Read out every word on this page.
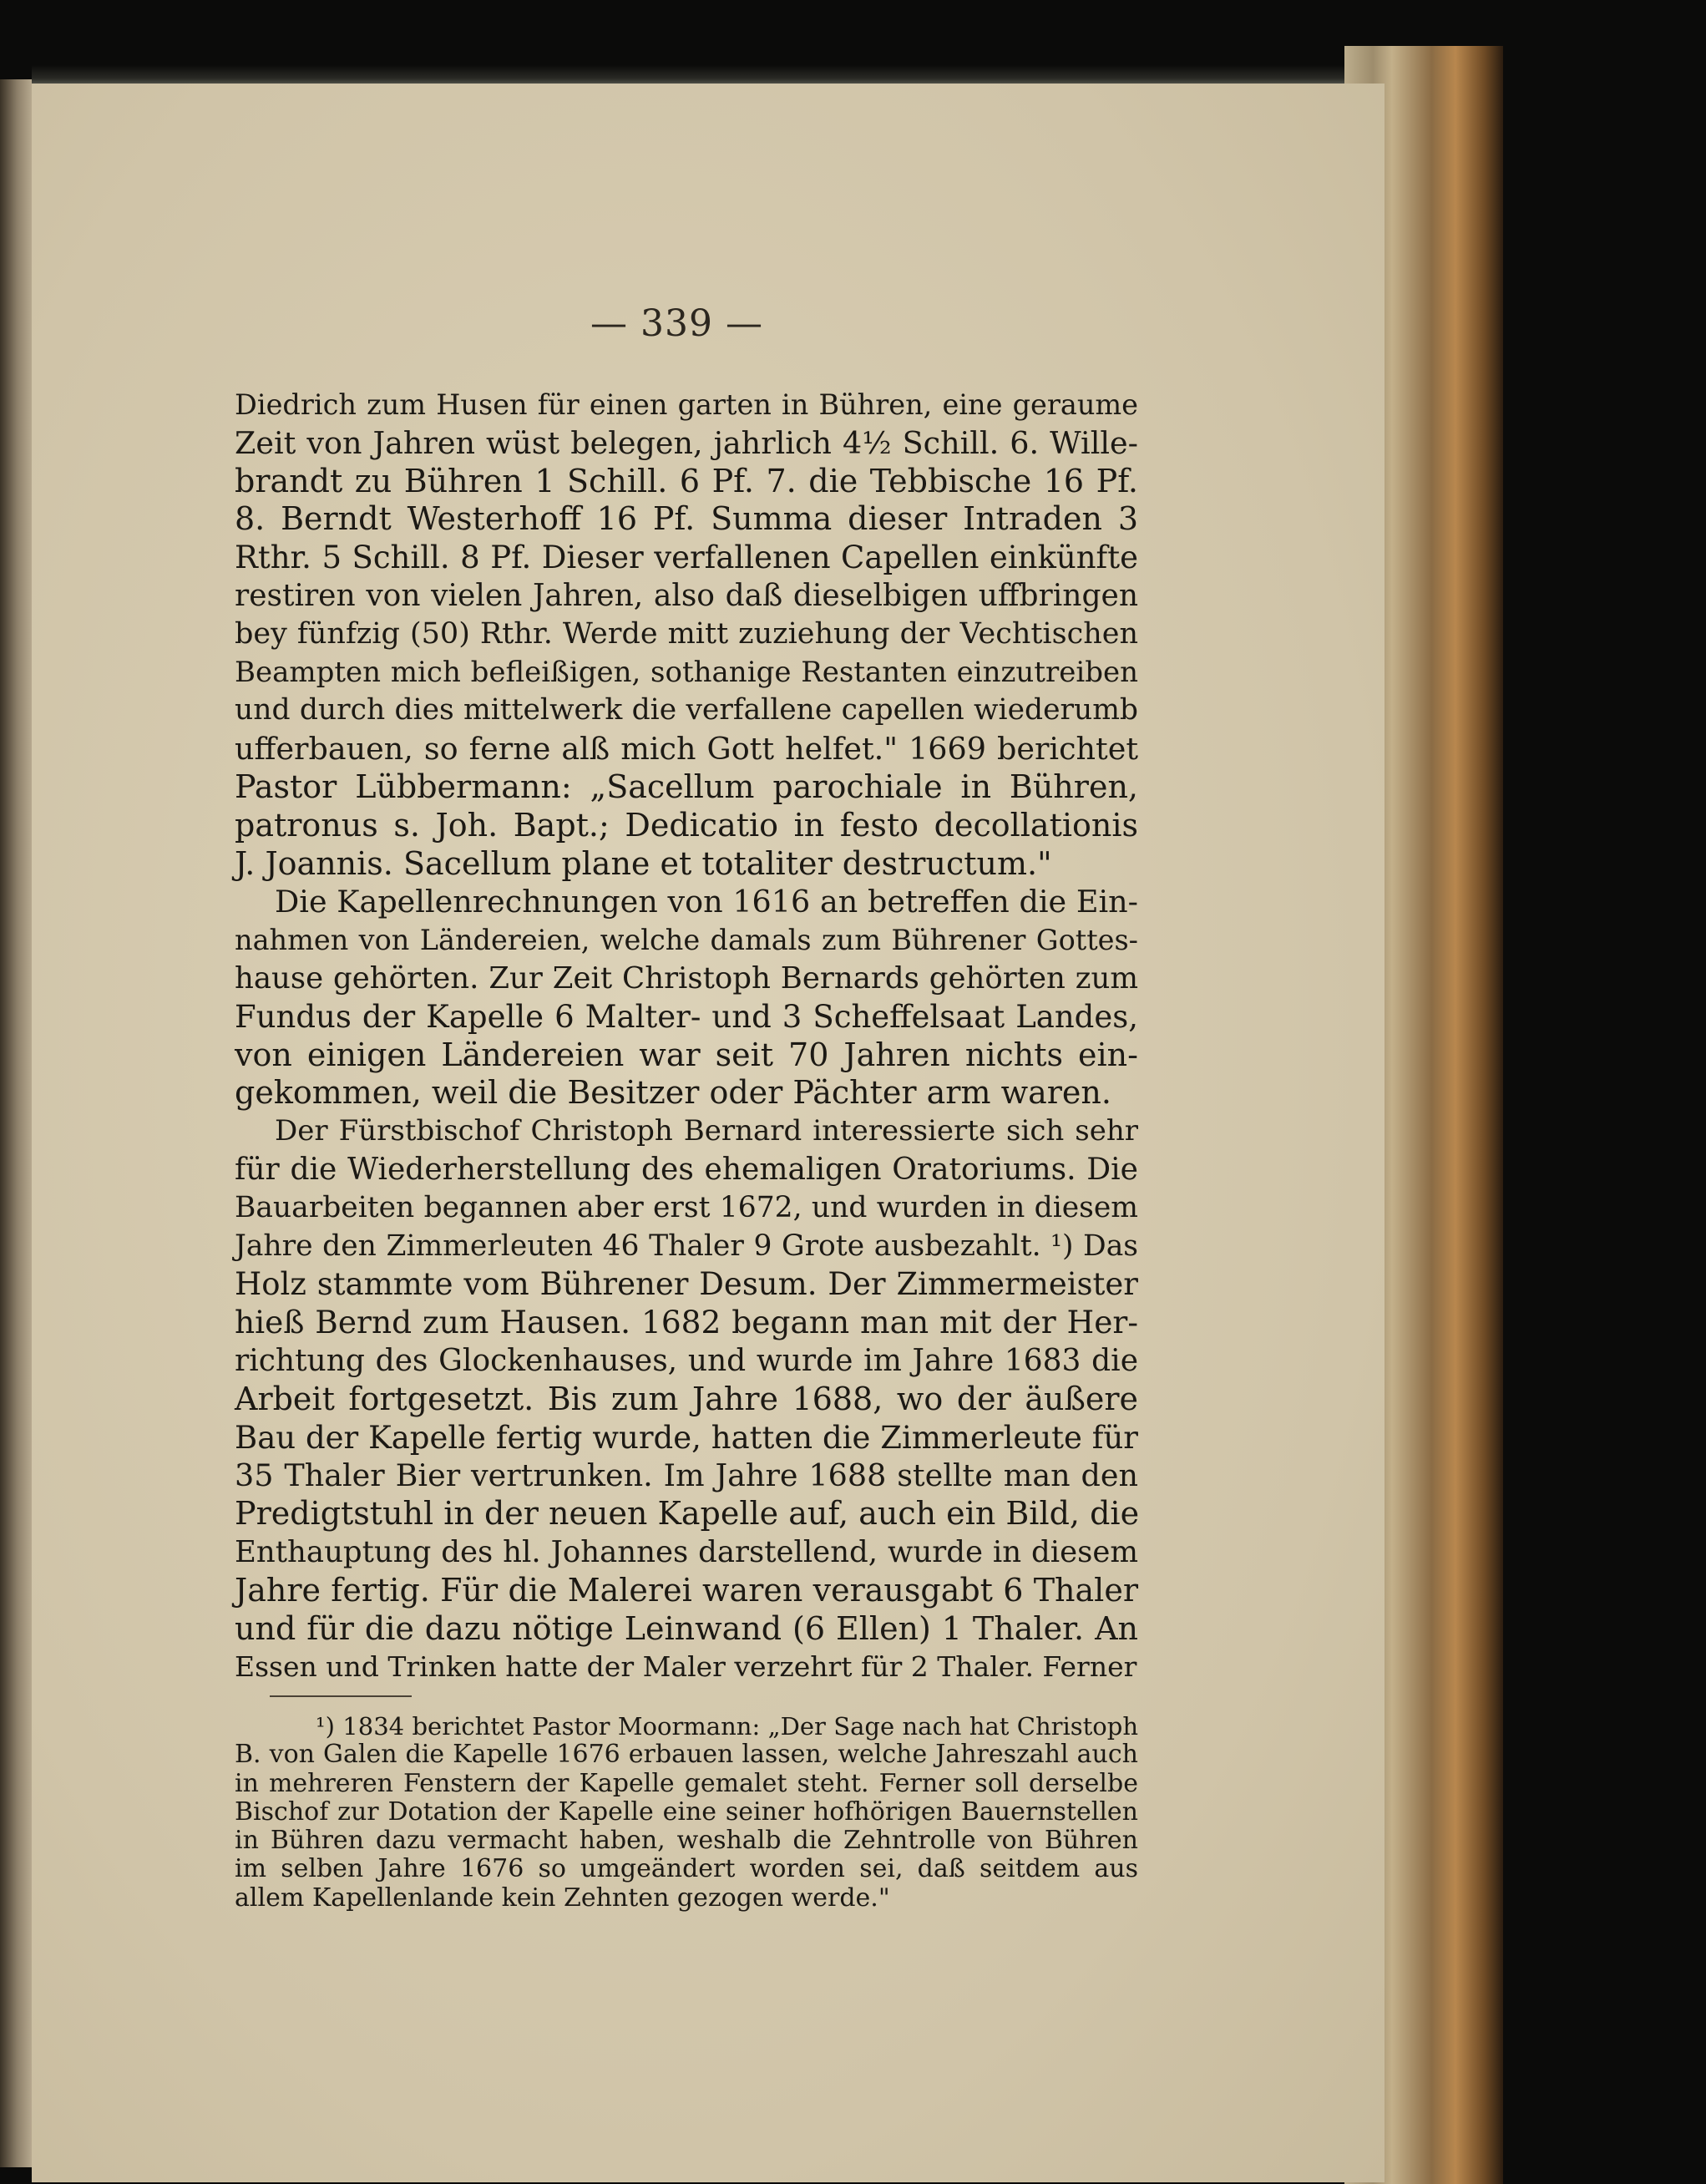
— 339 —
Diedrich zum Husen für einen garten in Bühren, eine geraume
Zeit von Jahren wüst belegen, jahrlich 4½ Schill. 6. Wille-
brandt zu Bühren 1 Schill. 6 Pf. 7. die Tebbische 16 Pf.
8. Berndt Westerhoff 16 Pf. Summa dieser Intraden 3
Rthr. 5 Schill. 8 Pf. Dieser verfallenen Capellen einkünfte
restiren von vielen Jahren, also daß dieselbigen uffbringen
bey fünfzig (50) Rthr. Werde mitt zuziehung der Vechtischen
Beampten mich befleißigen, sothanige Restanten einzutreiben
und durch dies mittelwerk die verfallene capellen wiederumb
ufferbauen, so ferne alß mich Gott helfet." 1669 berichtet
Pastor Lübbermann: „Sacellum parochiale in Bühren,
patronus s. Joh. Bapt.; Dedicatio in festo decollationis
J. Joannis. Sacellum plane et totaliter destructum."
Die Kapellenrechnungen von 1616 an betreffen die Ein-
nahmen von Ländereien, welche damals zum Bührener Gottes-
hause gehörten. Zur Zeit Christoph Bernards gehörten zum
Fundus der Kapelle 6 Malter- und 3 Scheffelsaat Landes,
von einigen Ländereien war seit 70 Jahren nichts ein-
gekommen, weil die Besitzer oder Pächter arm waren.
Der Fürstbischof Christoph Bernard interessierte sich sehr
für die Wiederherstellung des ehemaligen Oratoriums. Die
Bauarbeiten begannen aber erst 1672, und wurden in diesem
Jahre den Zimmerleuten 46 Thaler 9 Grote ausbezahlt. ¹) Das
Holz stammte vom Bührener Desum. Der Zimmermeister
hieß Bernd zum Hausen. 1682 begann man mit der Her-
richtung des Glockenhauses, und wurde im Jahre 1683 die
Arbeit fortgesetzt. Bis zum Jahre 1688, wo der äußere
Bau der Kapelle fertig wurde, hatten die Zimmerleute für
35 Thaler Bier vertrunken. Im Jahre 1688 stellte man den
Predigtstuhl in der neuen Kapelle auf, auch ein Bild, die
Enthauptung des hl. Johannes darstellend, wurde in diesem
Jahre fertig. Für die Malerei waren verausgabt 6 Thaler
und für die dazu nötige Leinwand (6 Ellen) 1 Thaler. An
Essen und Trinken hatte der Maler verzehrt für 2 Thaler. Ferner
¹) 1834 berichtet Pastor Moormann: „Der Sage nach hat Christoph
B. von Galen die Kapelle 1676 erbauen lassen, welche Jahreszahl auch
in mehreren Fenstern der Kapelle gemalet steht. Ferner soll derselbe
Bischof zur Dotation der Kapelle eine seiner hofhörigen Bauernstellen
in Bühren dazu vermacht haben, weshalb die Zehntrolle von Bühren
im selben Jahre 1676 so umgeändert worden sei, daß seitdem aus
allem Kapellenlande kein Zehnten gezogen werde."
